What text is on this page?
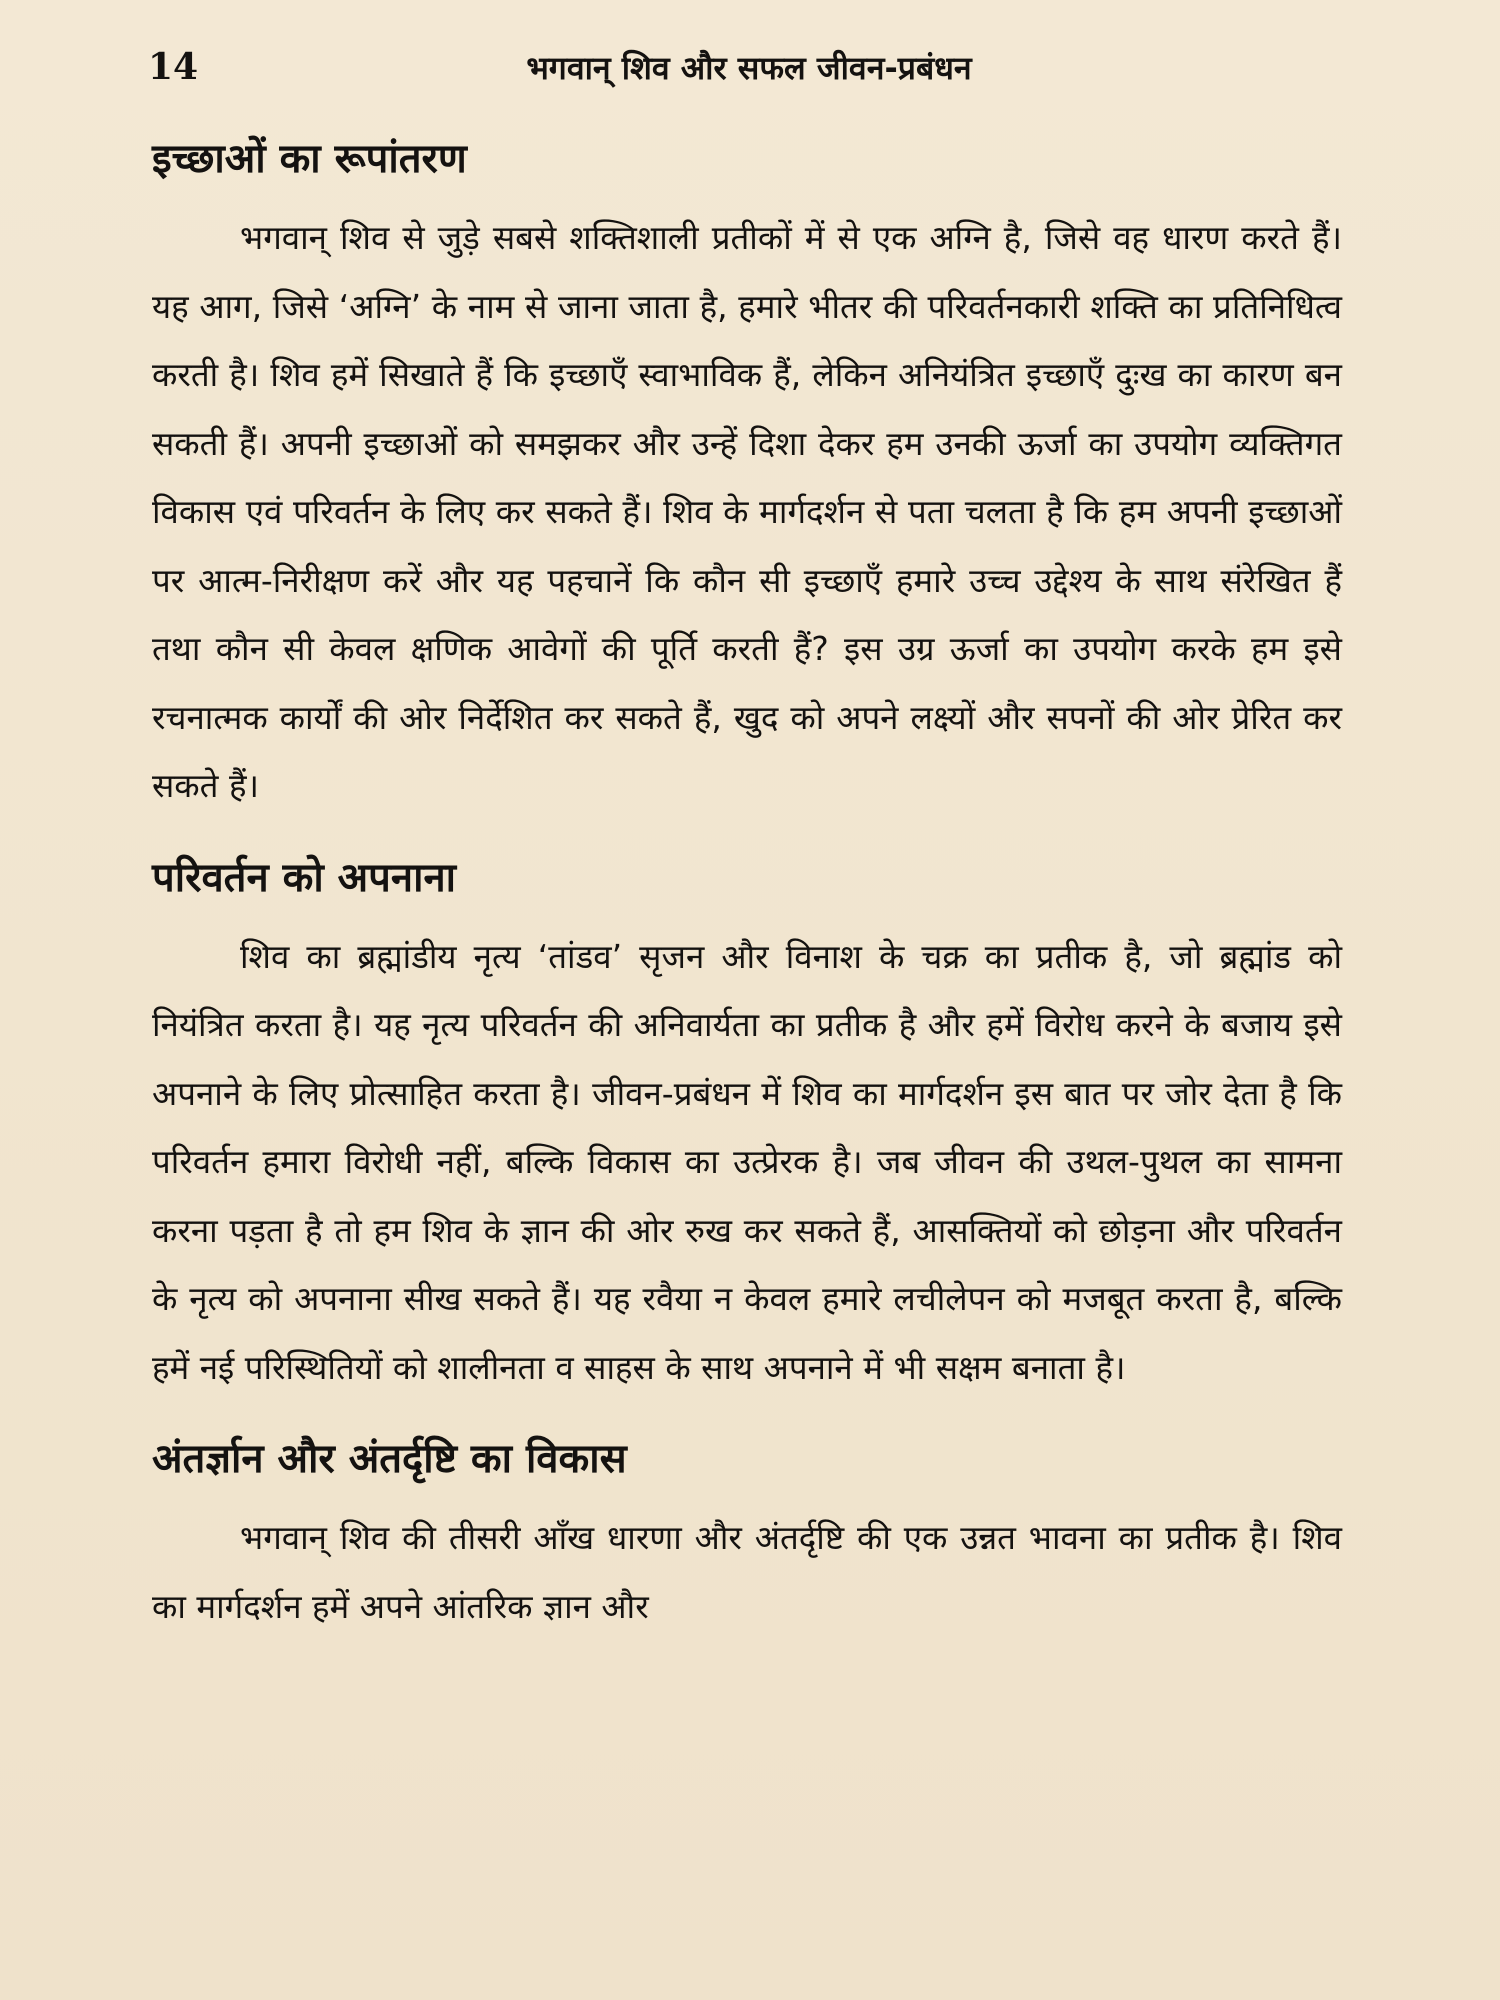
14	भगवान् शिव और सफल जीवन-प्रबंधन
इच्छाओं का रूपांतरण

भगवान् शिव से जुड़े सबसे शक्तिशाली प्रतीकों में से एक अग्नि है, जिसे वह धारण करते हैं। यह आग, जिसे ‘अग्नि’ के नाम से जाना जाता है, हमारे भीतर की परिवर्तनकारी शक्ति का प्रतिनिधित्व करती है। शिव हमें सिखाते हैं कि इच्छाएँ स्वाभाविक हैं, लेकिन अनियंत्रित इच्छाएँ दुःख का कारण बन सकती हैं। अपनी इच्छाओं को समझकर और उन्हें दिशा देकर हम उनकी ऊर्जा का उपयोग व्यक्तिगत विकास एवं परिवर्तन के लिए कर सकते हैं। शिव के मार्गदर्शन से पता चलता है कि हम अपनी इच्छाओं पर आत्म-निरीक्षण करें और यह पहचानें कि कौन सी इच्छाएँ हमारे उच्च उद्देश्य के साथ संरेखित हैं तथा कौन सी केवल क्षणिक आवेगों की पूर्ति करती हैं? इस उग्र ऊर्जा का उपयोग करके हम इसे रचनात्मक कार्यों की ओर निर्देशित कर सकते हैं, खुद को अपने लक्ष्यों और सपनों की ओर प्रेरित कर सकते हैं।

परिवर्तन को अपनाना

शिव का ब्रह्मांडीय नृत्य ‘तांडव’ सृजन और विनाश के चक्र का प्रतीक है, जो ब्रह्मांड को नियंत्रित करता है। यह नृत्य परिवर्तन की अनिवार्यता का प्रतीक है और हमें विरोध करने के बजाय इसे अपनाने के लिए प्रोत्साहित करता है। जीवन-प्रबंधन में शिव का मार्गदर्शन इस बात पर जोर देता है कि परिवर्तन हमारा विरोधी नहीं, बल्कि विकास का उत्प्रेरक है। जब जीवन की उथल-पुथल का सामना करना पड़ता है तो हम शिव के ज्ञान की ओर रुख कर सकते हैं, आसक्तियों को छोड़ना और परिवर्तन के नृत्य को अपनाना सीख सकते हैं। यह रवैया न केवल हमारे लचीलेपन को मजबूत करता है, बल्कि हमें नई परिस्थितियों को शालीनता व साहस के साथ अपनाने में भी सक्षम बनाता है।

अंतर्ज्ञान और अंतर्दृष्टि का विकास

भगवान् शिव की तीसरी आँख धारणा और अंतर्दृष्टि की एक उन्नत भावना का प्रतीक है। शिव का मार्गदर्शन हमें अपने आंतरिक ज्ञान और
